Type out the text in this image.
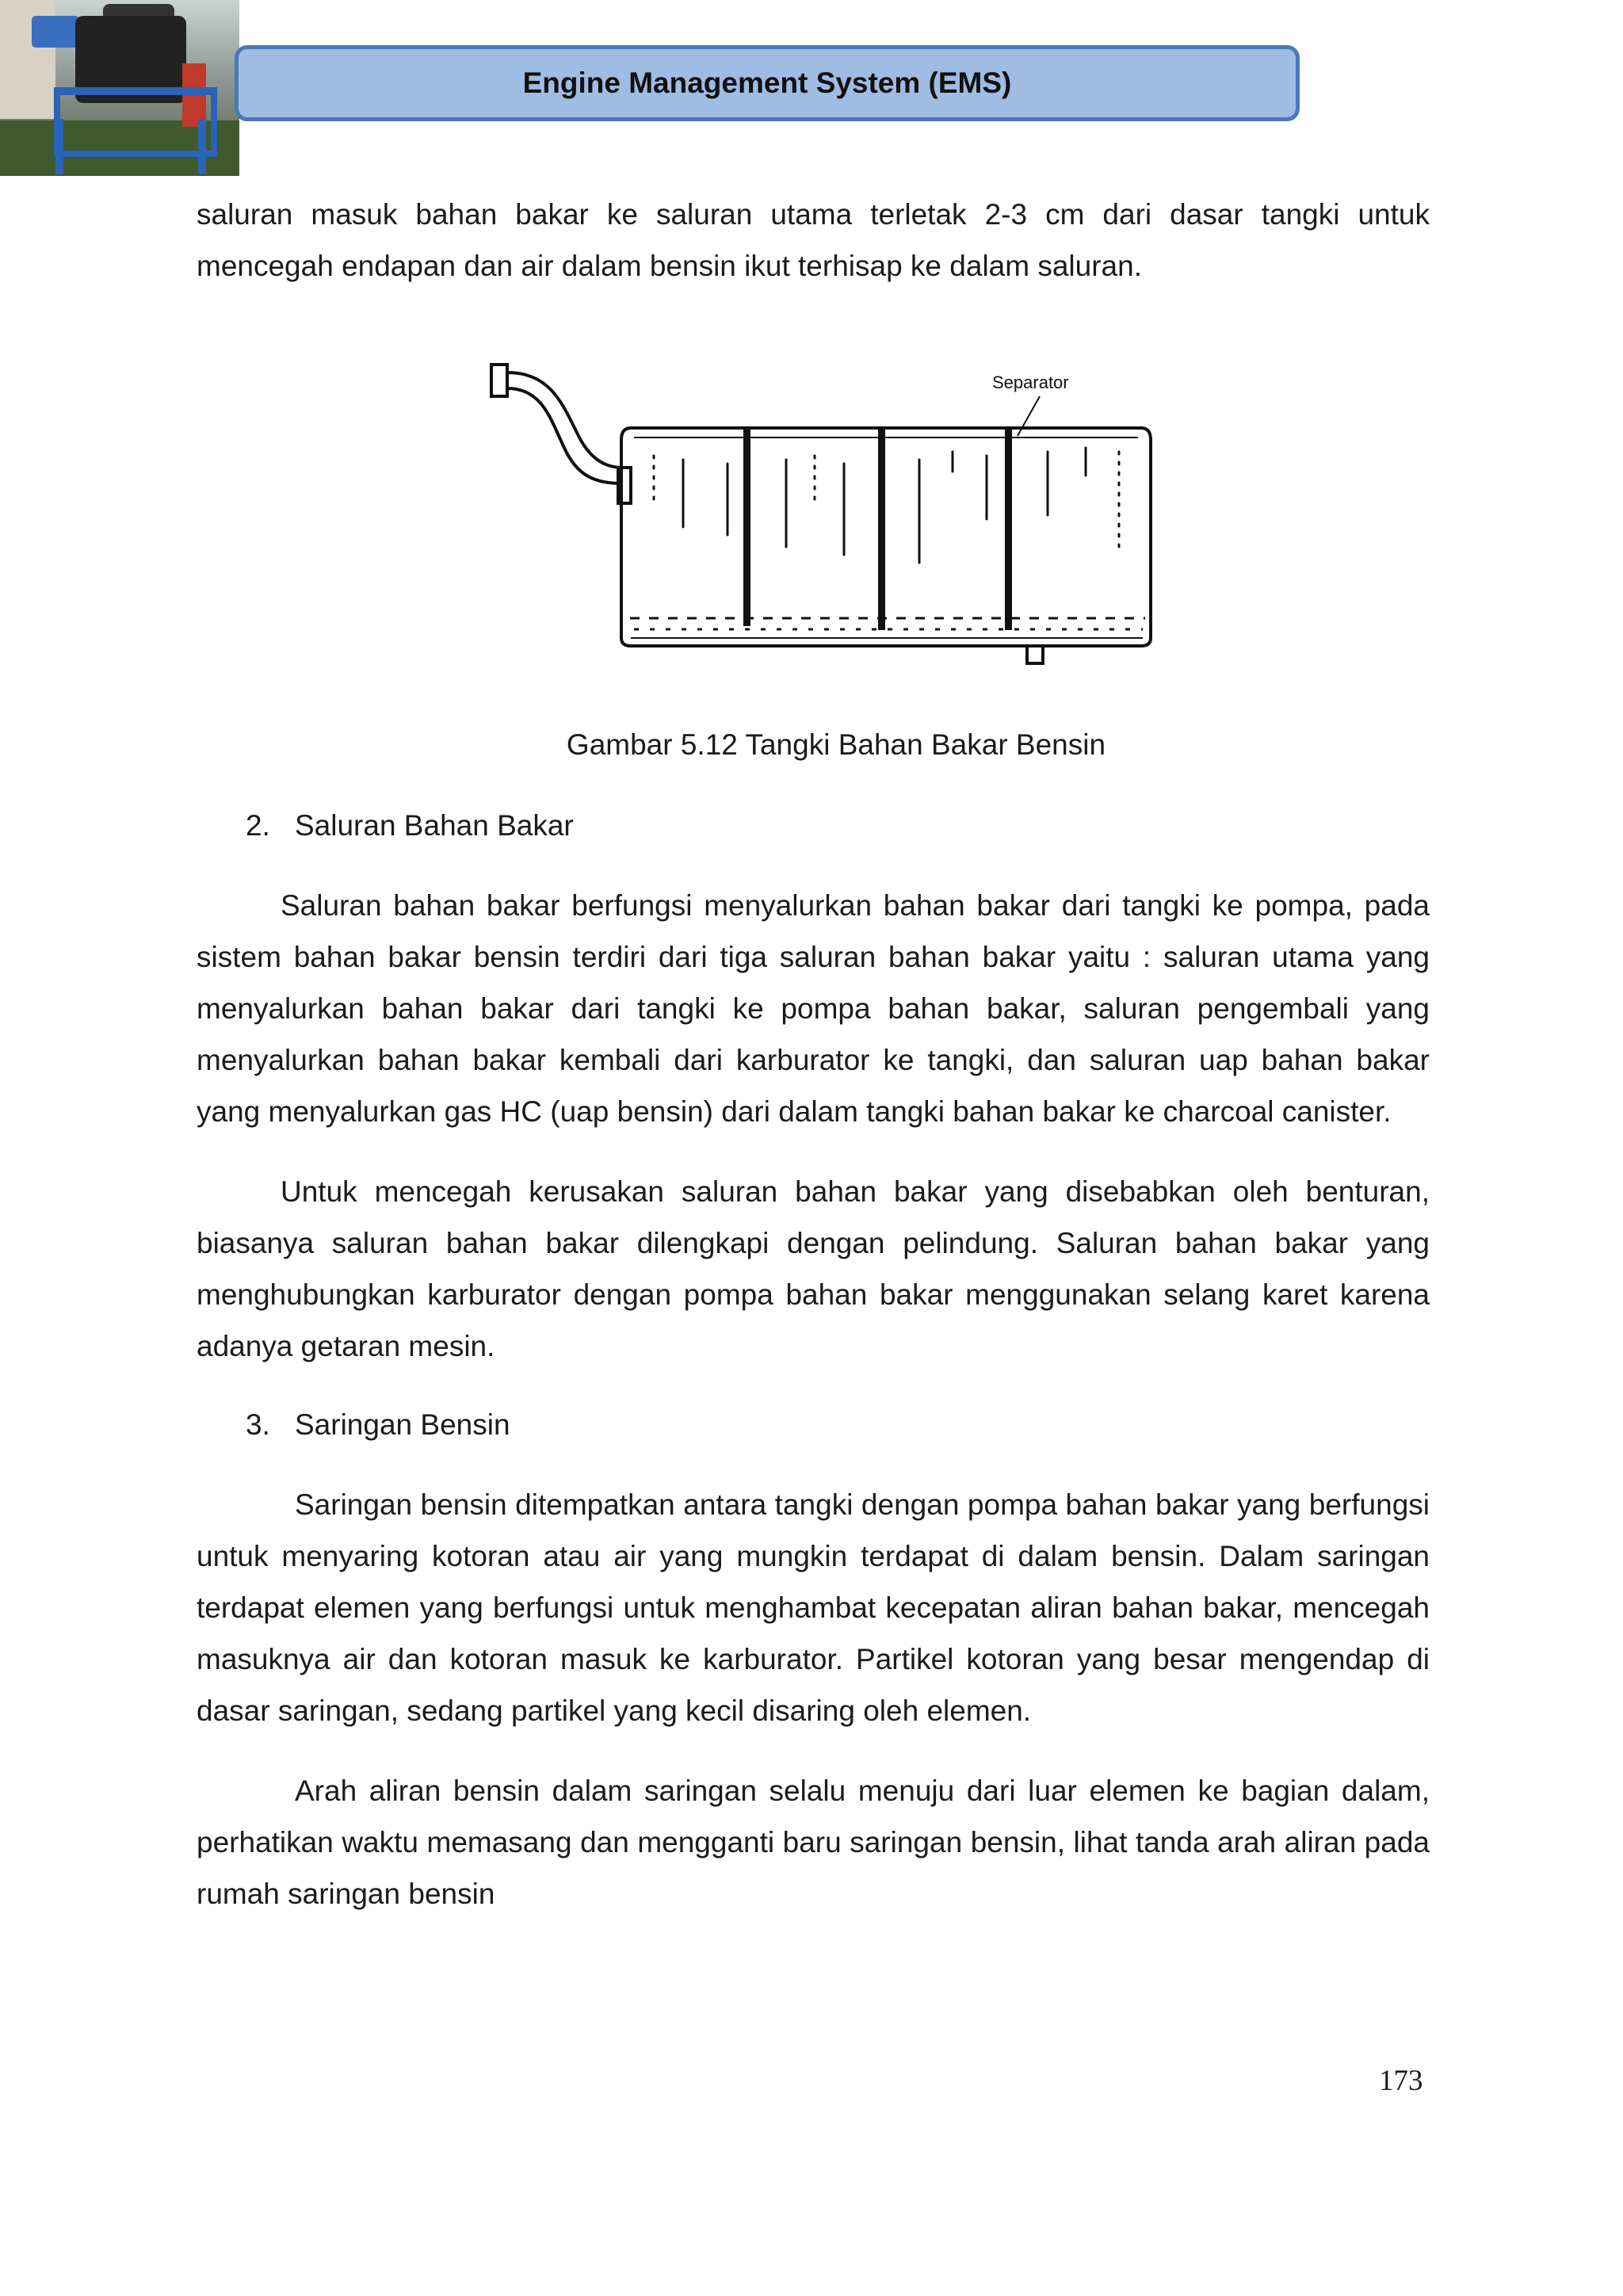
Engine Management System (EMS)

saluran masuk bahan bakar ke saluran utama terletak 2-3 cm dari dasar tangki untuk mencegah endapan dan air dalam bensin ikut terhisap ke dalam saluran.

Separator
Gambar 5.12 Tangki Bahan Bakar Bensin
2. Saluran Bahan Bakar

Saluran bahan bakar berfungsi menyalurkan bahan bakar dari tangki ke pompa, pada sistem bahan bakar bensin terdiri dari tiga saluran bahan bakar yaitu : saluran utama yang menyalurkan bahan bakar dari tangki ke pompa bahan bakar, saluran pengembali yang menyalurkan bahan bakar kembali dari karburator ke tangki, dan saluran uap bahan bakar yang menyalurkan gas HC (uap bensin) dari dalam tangki bahan bakar ke charcoal canister.

Untuk mencegah kerusakan saluran bahan bakar yang disebabkan oleh benturan, biasanya saluran bahan bakar dilengkapi dengan pelindung. Saluran bahan bakar yang menghubungkan karburator dengan pompa bahan bakar menggunakan selang karet karena adanya getaran mesin.

3. Saringan Bensin

Saringan bensin ditempatkan antara tangki dengan pompa bahan bakar yang berfungsi untuk menyaring kotoran atau air yang mungkin terdapat di dalam bensin. Dalam saringan terdapat elemen yang berfungsi untuk menghambat kecepatan aliran bahan bakar, mencegah masuknya air dan kotoran masuk ke karburator. Partikel kotoran yang besar mengendap di dasar saringan, sedang partikel yang kecil disaring oleh elemen.

Arah aliran bensin dalam saringan selalu menuju dari luar elemen ke bagian dalam, perhatikan waktu memasang dan mengganti baru saringan bensin, lihat tanda arah aliran pada rumah saringan bensin

173
